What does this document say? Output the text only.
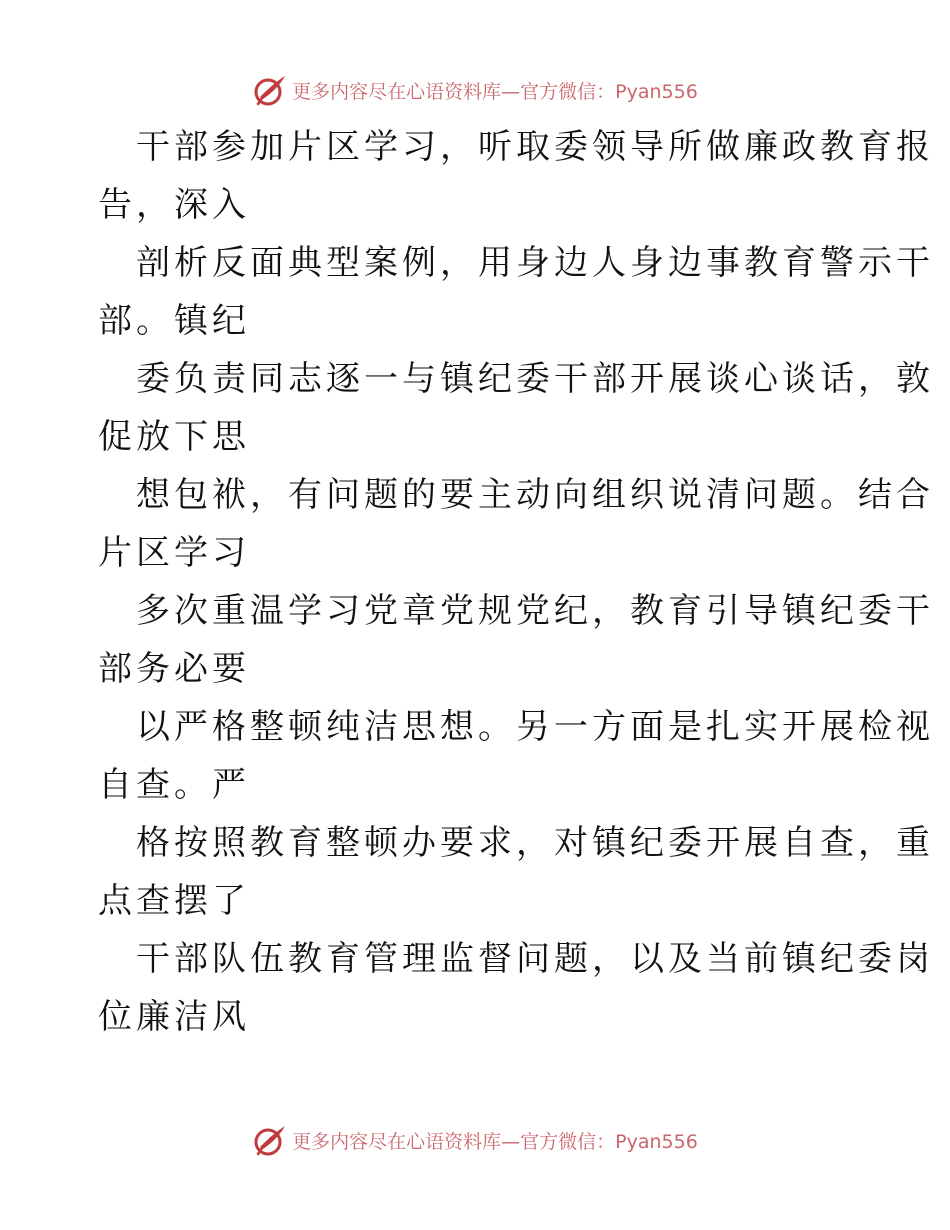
更多内容尽在心语资料库—官方微信：Pyan556
干部参加片区学习，听取委领导所做廉政教育报
告，深入
剖析反面典型案例，用身边人身边事教育警示干
部。镇纪
委负责同志逐一与镇纪委干部开展谈心谈话，敦
促放下思
想包袱，有问题的要主动向组织说清问题。结合
片区学习
多次重温学习党章党规党纪，教育引导镇纪委干
部务必要
以严格整顿纯洁思想。另一方面是扎实开展检视
自查。严
格按照教育整顿办要求，对镇纪委开展自查，重
点查摆了
干部队伍教育管理监督问题，以及当前镇纪委岗
位廉洁风
更多内容尽在心语资料库—官方微信：Pyan556
